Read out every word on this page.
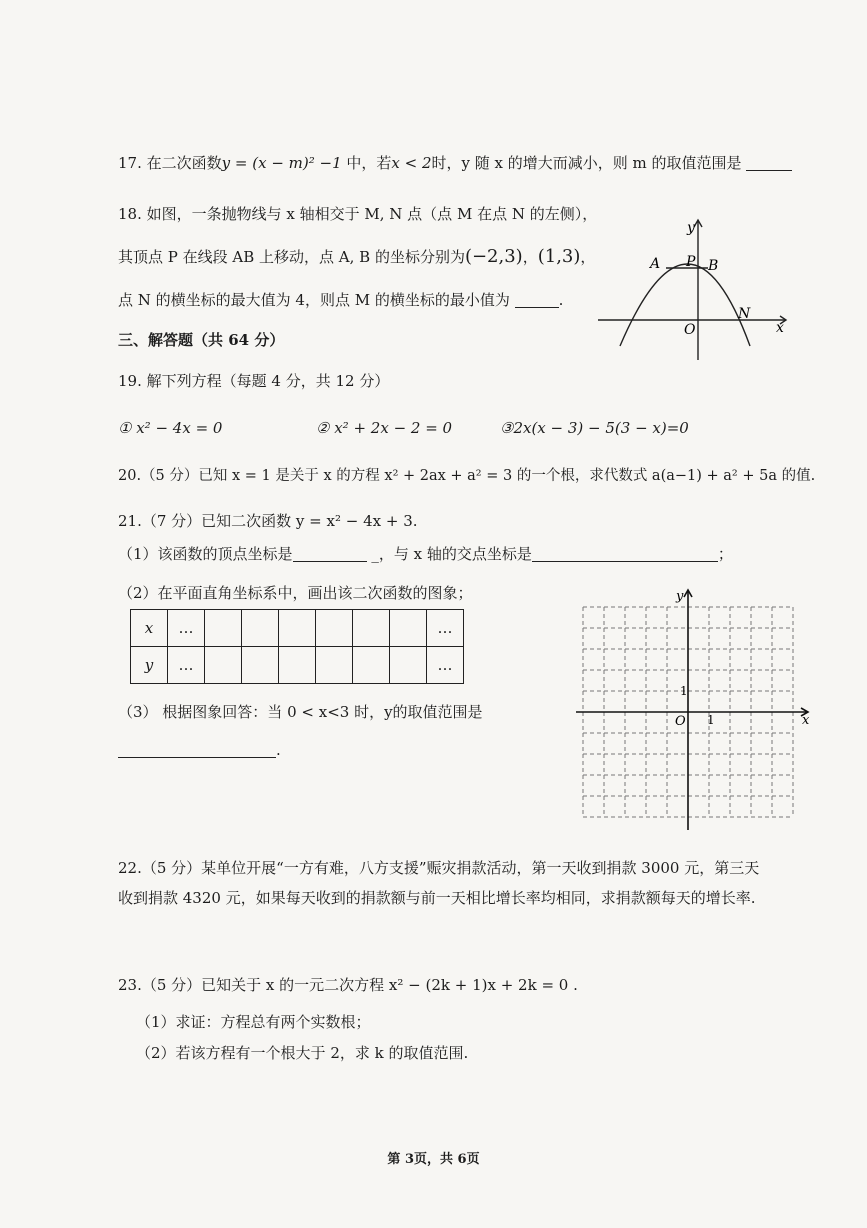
17. 在二次函数y = (x − m)² −1 中，若x < 2时，y 随 x 的增大而减小，则 m 的取值范围是
18. 如图，一条抛物线与 x 轴相交于 M, N 点（点 M 在点 N 的左侧），
其顶点 P 在线段 AB 上移动，点 A, B 的坐标分别为(−2,3)，(1,3)，
点 N 的横坐标的最大值为 4，则点 M 的横坐标的最小值为	.
y
x
A P B
O
N
三、解答题（共 64 分）
19. 解下列方程（每题 4 分，共 12 分）
① x² − 4x = 0	② x² + 2x − 2 = 0	③2x(x − 3) − 5(3 − x)=0
20.（5 分）已知 x = 1 是关于 x 的方程 x² + 2ax + a² = 3 的一个根，求代数式 a(a−1) + a² + 5a 的值.
21.（7 分）已知二次函数 y = x² − 4x + 3.
（1）该函数的顶点坐标是	_，与 x 轴的交点坐标是	；
（2）在平面直角坐标系中，画出该二次函数的图象；
x	…							…
y	…							…
（3） 根据图象回答：当 0 < x<3 时，y的取值范围是
.
y
x
O 1
1
22.（5 分）某单位开展“一方有难，八方支援”赈灾捐款活动，第一天收到捐款 3000 元，第三天
收到捐款 4320 元，如果每天收到的捐款额与前一天相比增长率均相同，求捐款额每天的增长率.
23.（5 分）已知关于 x 的一元二次方程 x² − (2k + 1)x + 2k = 0 .
（1）求证：方程总有两个实数根；
（2）若该方程有一个根大于 2，求 k 的取值范围.
第 3页，共 6页
